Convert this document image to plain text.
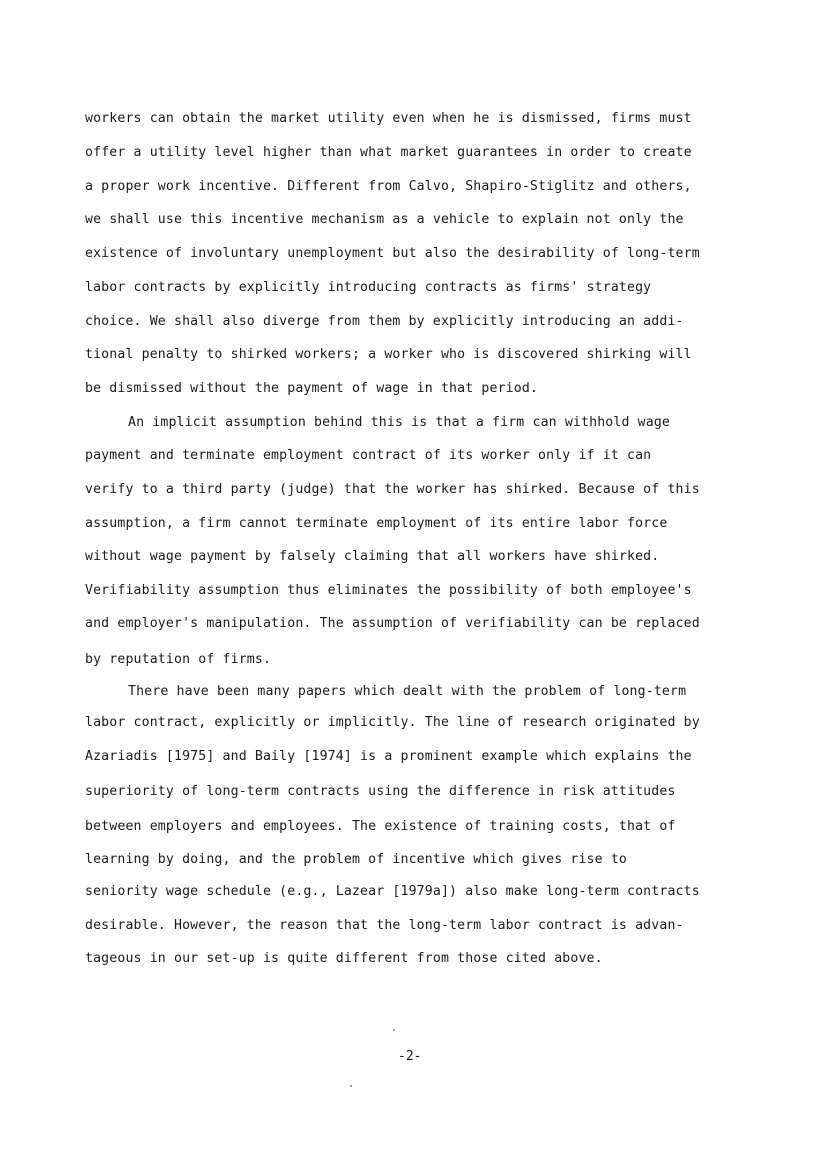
workers can obtain the market utility even when he is dismissed, firms must
offer a utility level higher than what market guarantees in order to create
a proper work incentive. Different from Calvo, Shapiro-Stiglitz and others,
we shall use this incentive mechanism as a vehicle to explain not only the
existence of involuntary unemployment but also the desirability of long-term
labor contracts by explicitly introducing contracts as firms' strategy
choice. We shall also diverge from them by explicitly introducing an addi-
tional penalty to shirked workers; a worker who is discovered shirking will
be dismissed without the payment of wage in that period.
An implicit assumption behind this is that a firm can withhold wage
payment and terminate employment contract of its worker only if it can
verify to a third party (judge) that the worker has shirked. Because of this
assumption, a firm cannot terminate employment of its entire labor force
without wage payment by falsely claiming that all workers have shirked.
Verifiability assumption thus eliminates the possibility of both employee's
and employer's manipulation. The assumption of verifiability can be replaced
by reputation of firms.
There have been many papers which dealt with the problem of long-term
labor contract, explicitly or implicitly. The line of research originated by
Azariadis [1975] and Baily [1974] is a prominent example which explains the
superiority of long-term contracts using the difference in risk attitudes
between employers and employees. The existence of training costs, that of
learning by doing, and the problem of incentive which gives rise to
seniority wage schedule (e.g., Lazear [1979a]) also make long-term contracts
desirable. However, the reason that the long-term labor contract is advan-
tageous in our set-up is quite different from those cited above.
-2-
